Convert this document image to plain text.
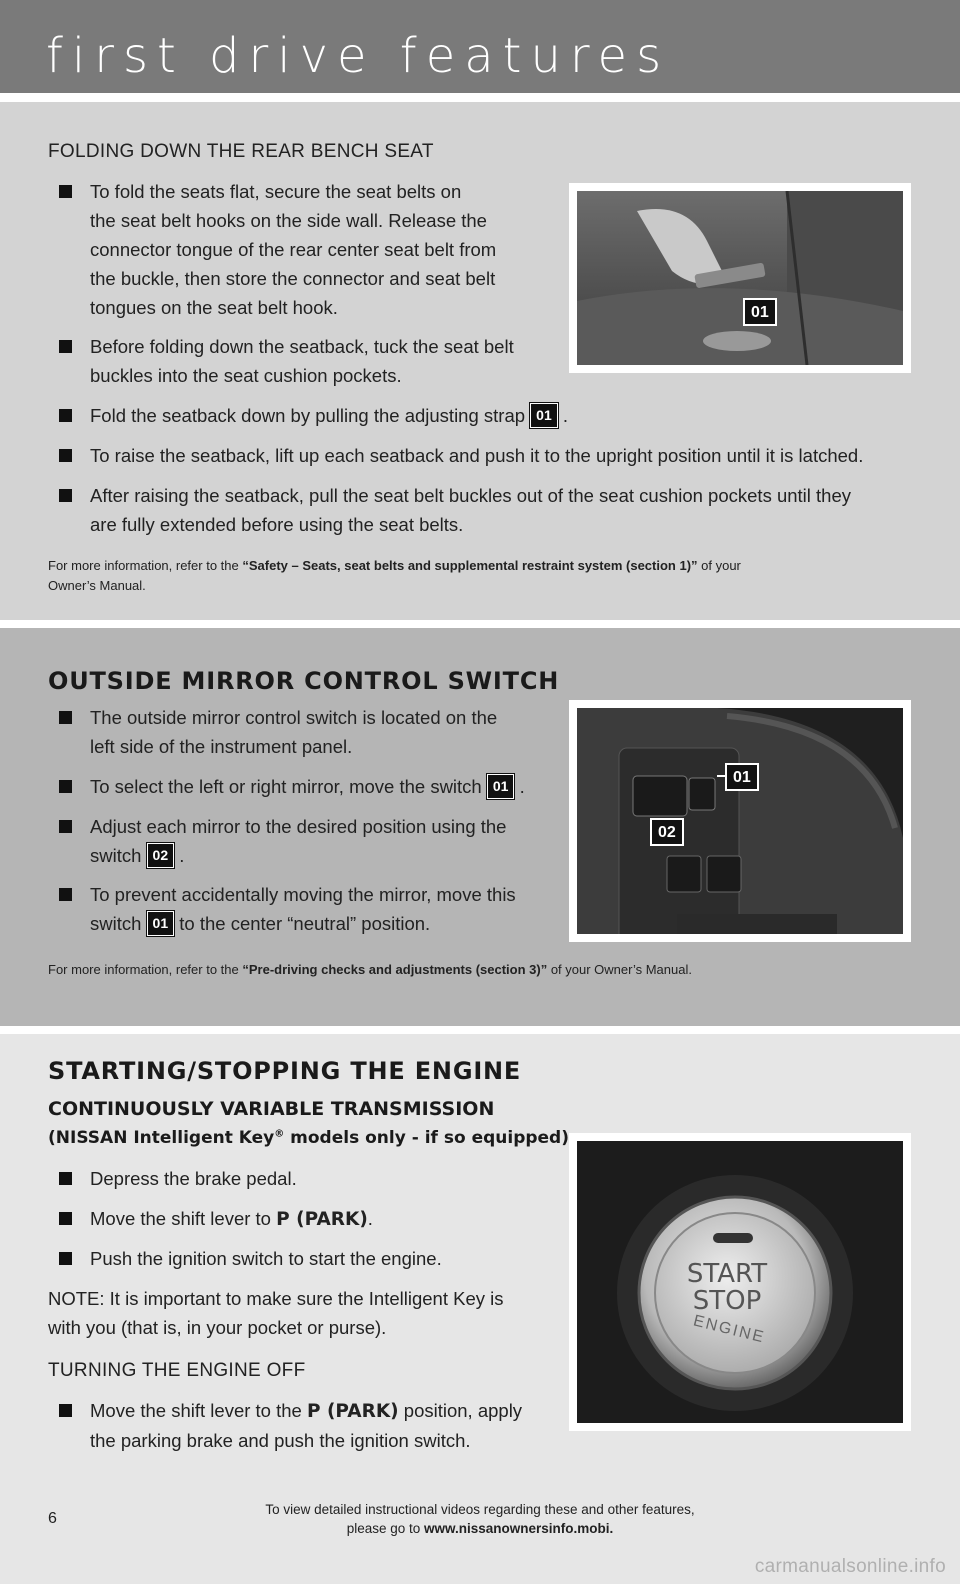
first drive features
FOLDING DOWN THE REAR BENCH SEAT
To fold the seats flat, secure the seat belts on
the seat belt hooks on the side wall. Release the
connector tongue of the rear center seat belt from
the buckle, then store the connector and seat belt
tongues on the seat belt hook.
Before folding down the seatback, tuck the seat belt
buckles into the seat cushion pockets.
Fold the seatback down by pulling the adjusting strap 01 .
To raise the seatback, lift up each seatback and push it to the upright position until it is latched.
After raising the seatback, pull the seat belt buckles out of the seat cushion pockets until they
are fully extended before using the seat belts.
For more information, refer to the “Safety – Seats, seat belts and supplemental restraint system (section 1)” of your
Owner’s Manual.
01
OUTSIDE MIRROR CONTROL SWITCH
The outside mirror control switch is located on the
left side of the instrument panel.
To select the left or right mirror, move the switch 01 .
Adjust each mirror to the desired position using the
switch 02 .
To prevent accidentally moving the mirror, move this
switch 01 to the center “neutral” position.
For more information, refer to the “Pre-driving checks and adjustments (section 3)” of your Owner’s Manual.
01
02
STARTING/STOPPING THE ENGINE
CONTINUOUSLY VARIABLE TRANSMISSION
(NISSAN Intelligent Key® models only - if so equipped)
Depress the brake pedal.
Move the shift lever to P (PARK).
Push the ignition switch to start the engine.
NOTE: It is important to make sure the Intelligent Key is
with you (that is, in your pocket or purse).
TURNING THE ENGINE OFF
Move the shift lever to the P (PARK) position, apply
the parking brake and push the ignition switch.
START
STOP
ENGINE
6
To view detailed instructional videos regarding these and other features,
please go to www.nissanownersinfo.mobi.
carmanualsonline.info
